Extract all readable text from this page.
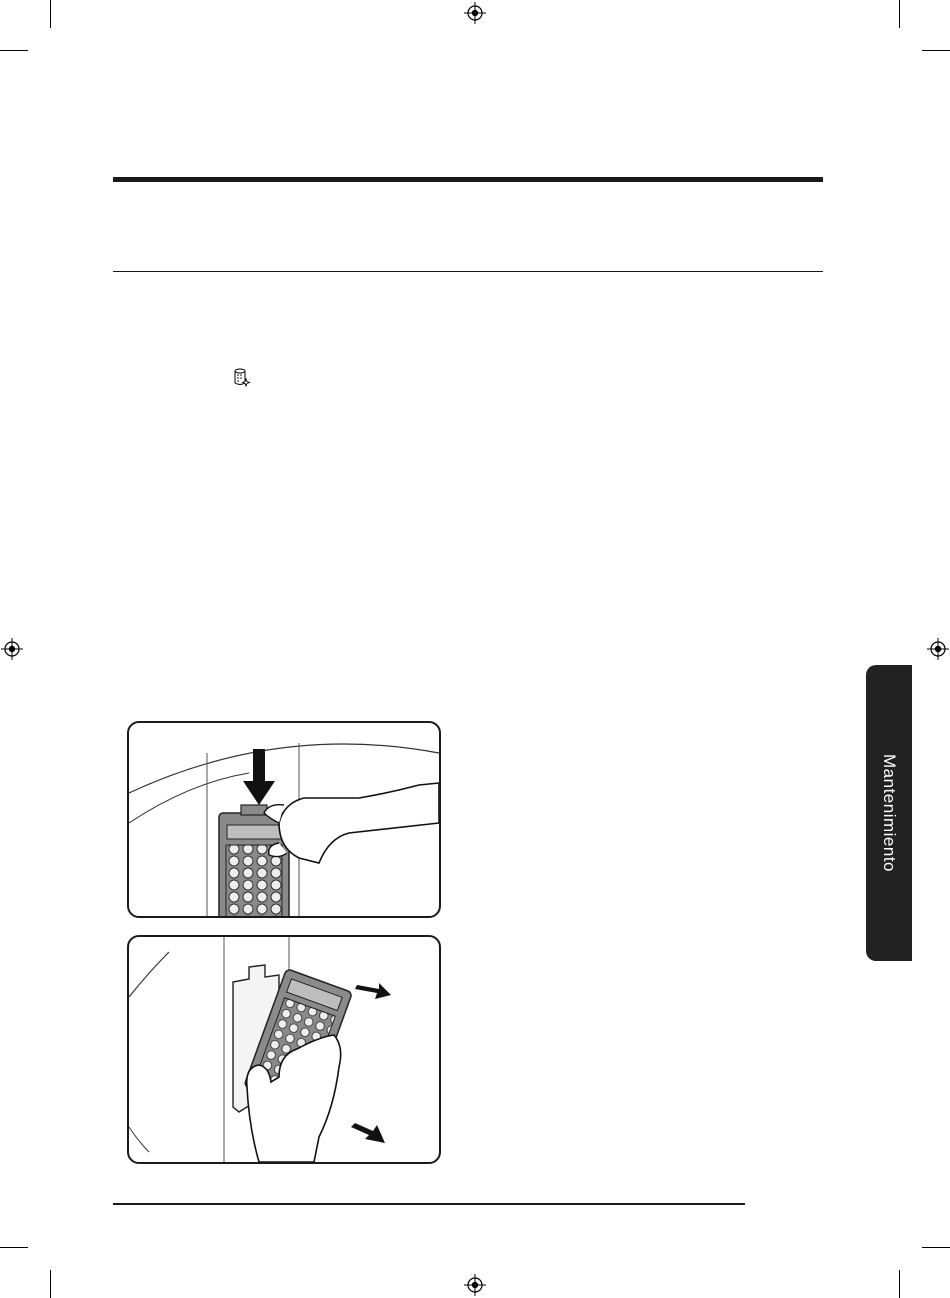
Mantenimiento
